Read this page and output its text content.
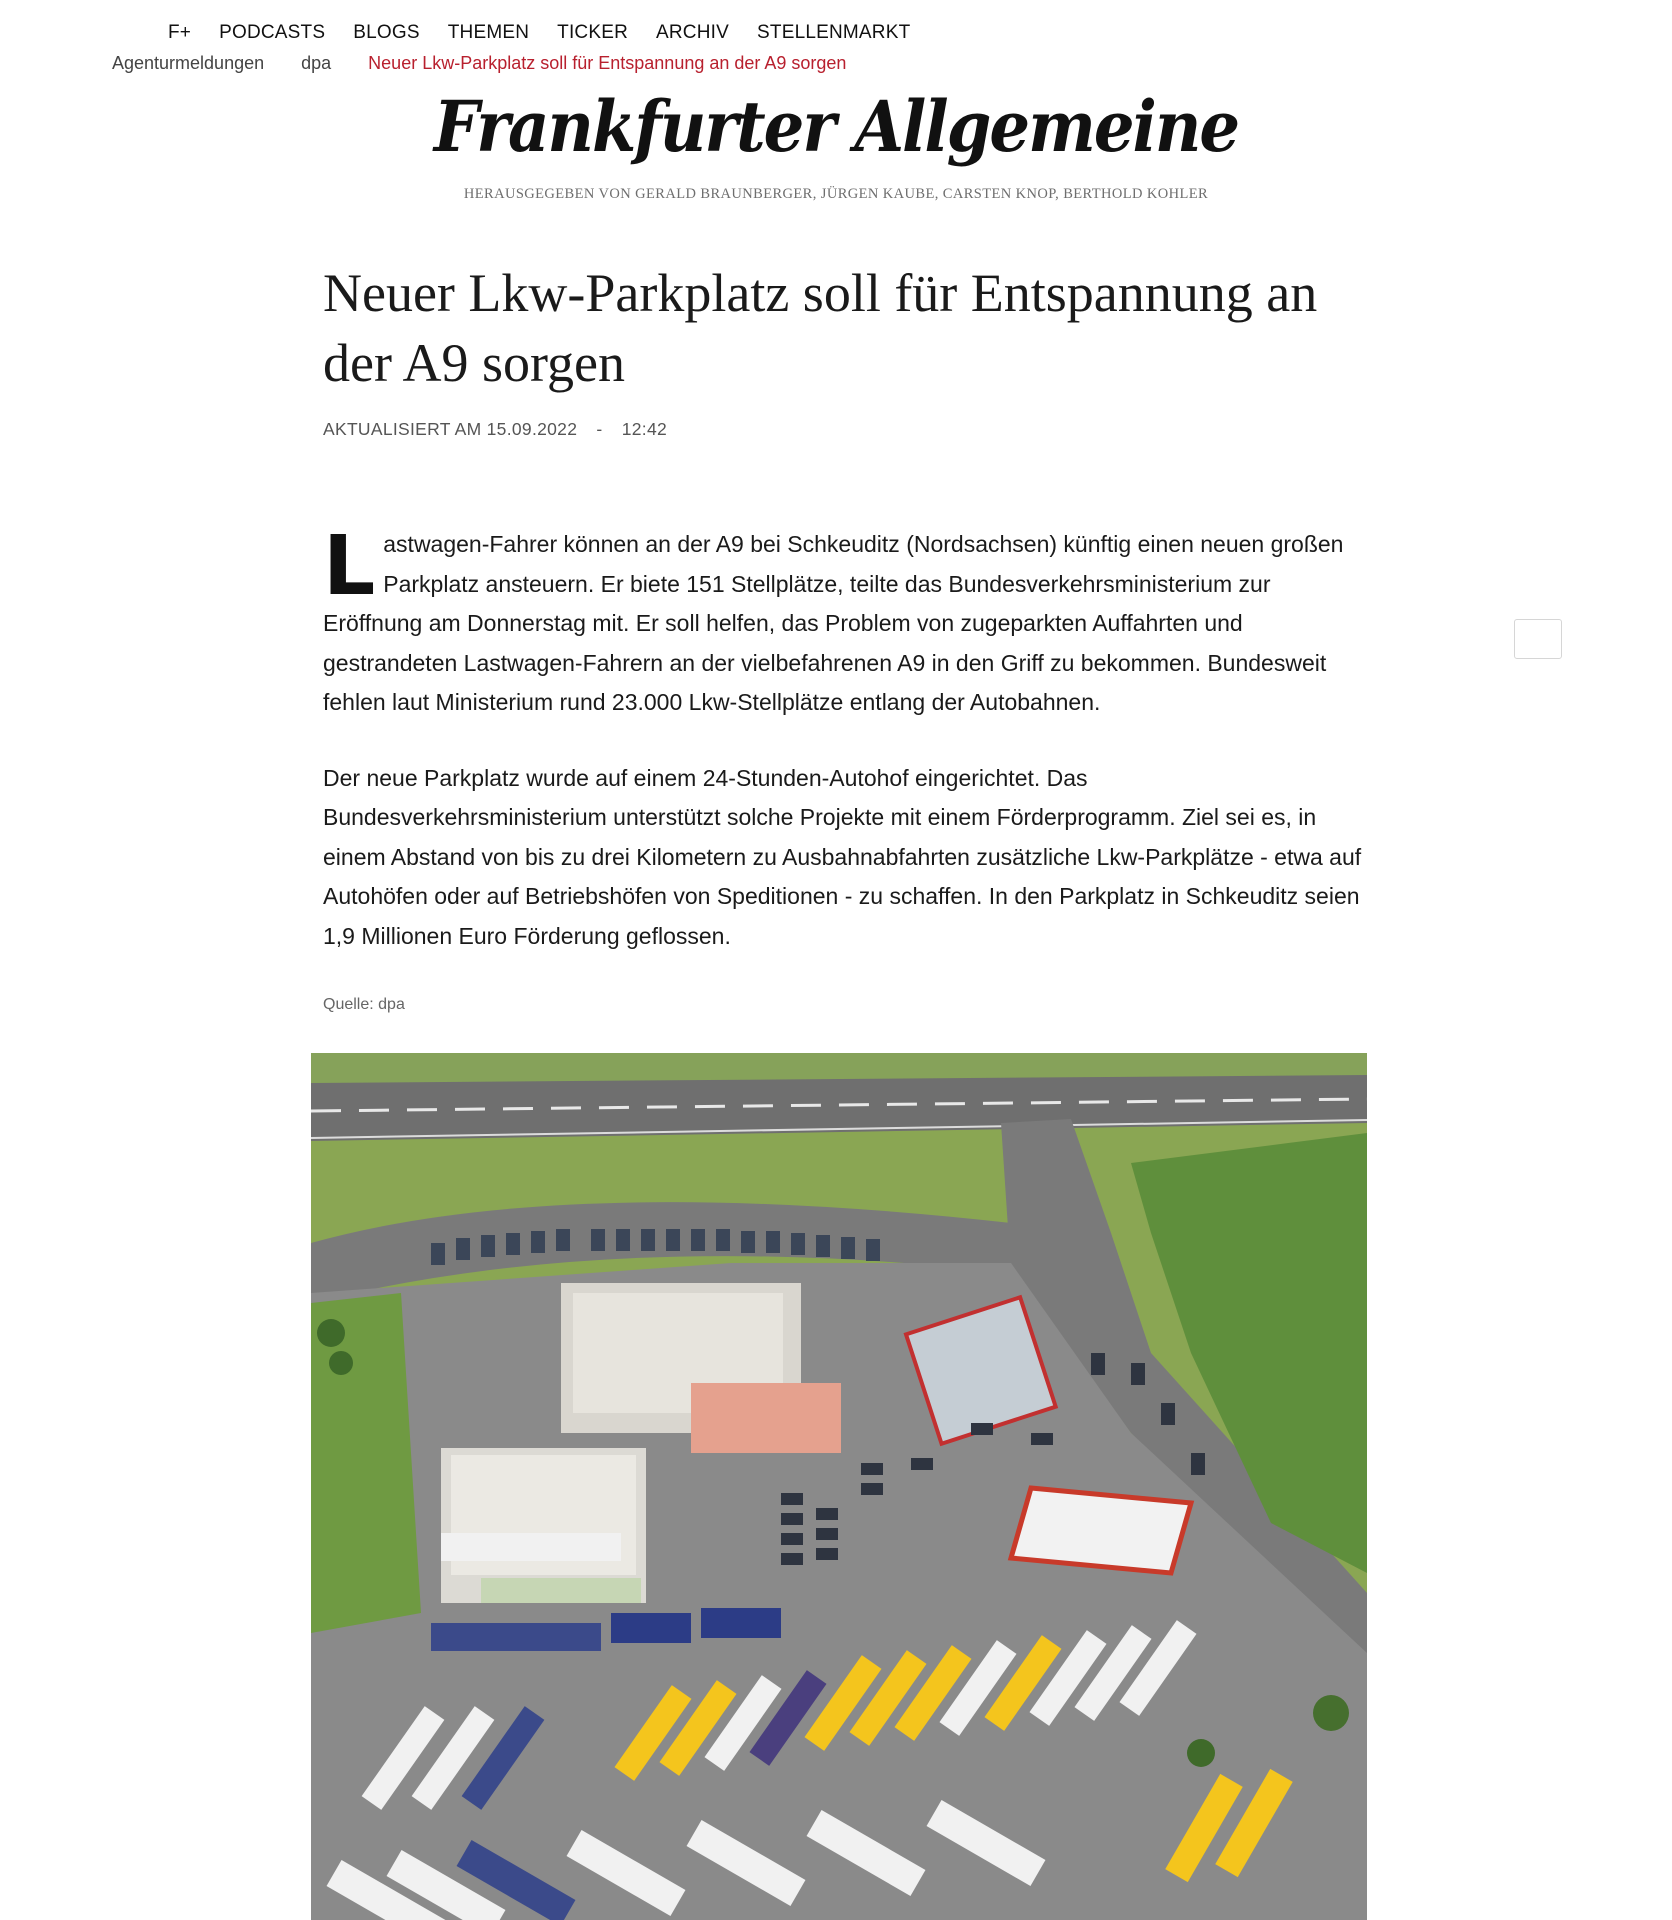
F+ PODCASTS BLOGS THEMEN TICKER ARCHIV STELLENMARKT
Agenturmeldungen dpa Neuer Lkw-Parkplatz soll für Entspannung an der A9 sorgen
Frankfurter Allgemeine
HERAUSGEGEBEN VON GERALD BRAUNBERGER, JÜRGEN KAUBE, CARSTEN KNOP, BERTHOLD KOHLER
Neuer Lkw-Parkplatz soll für Entspannung an der A9 sorgen
AKTUALISIERT AM 15.09.2022 - 12:42

Lastwagen-Fahrer können an der A9 bei Schkeuditz (Nordsachsen) künftig einen neuen großen Parkplatz ansteuern. Er biete 151 Stellplätze, teilte das Bundesverkehrsministerium zur Eröffnung am Donnerstag mit. Er soll helfen, das Problem von zugeparkten Auffahrten und gestrandeten Lastwagen-Fahrern an der vielbefahrenen A9 in den Griff zu bekommen. Bundesweit fehlen laut Ministerium rund 23.000 Lkw-Stellplätze entlang der Autobahnen.

Der neue Parkplatz wurde auf einem 24-Stunden-Autohof eingerichtet. Das Bundesverkehrsministerium unterstützt solche Projekte mit einem Förderprogramm. Ziel sei es, in einem Abstand von bis zu drei Kilometern zu Ausbahnabfahrten zusätzliche Lkw-Parkplätze - etwa auf Autohöfen oder auf Betriebshöfen von Speditionen - zu schaffen. In den Parkplatz in Schkeuditz seien 1,9 Millionen Euro Förderung geflossen.

Quelle: dpa
